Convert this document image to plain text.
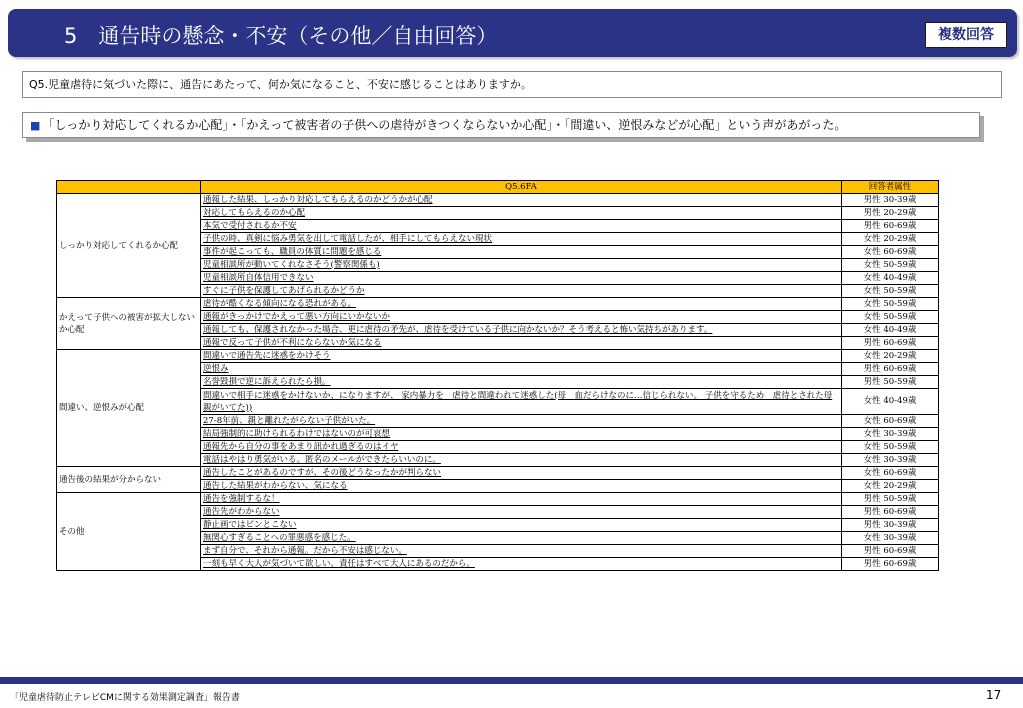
5　通告時の懸念・不安（その他／自由回答）	複数回答
Q5.児童虐待に気づいた際に、通告にあたって、何か気になること、不安に感じることはありますか。
■ 「しっかり対応してくれるか心配」・「かえって被害者の子供への虐待がきつくならないか心配」・「間違い、逆恨みなどが心配」という声があがった。
	Q5.6FA	回答者属性
しっかり対応してくれるか心配	通報した結果、しっかり対応してもらえるのかどうかが心配	男性 30-39歳
	対応してもらえるのか心配	男性 20-29歳
	本気で受付されるか不安	男性 60-69歳
	子供の時、真剣に悩み勇気を出して電話したが、相手にしてもらえない現状	女性 20-29歳
	事件が起こっても、職員の体質に問題を感じる	女性 60-69歳
	児童相談所が動いてくれなさそう(警察関係も)	女性 50-59歳
	児童相談所自体信用できない	女性 40-49歳
	すぐに子供を保護してあげられるかどうか	女性 50-59歳
かえって子供への被害が拡大しないか心配	虐待が酷くなる傾向になる恐れがある。	女性 50-59歳
	通報がきっかけでかえって悪い方向にいかないか	女性 50-59歳
	通報しても、保護されなかった場合、更に虐待の矛先が、虐待を受けている子供に向かないか？そう考えると怖い気持ちがあります。	女性 40-49歳
	通報で反って子供が不利にならないか気になる	男性 60-69歳
間違い、逆恨みが心配	間違いで通告先に迷惑をかけそう	女性 20-29歳
	逆恨み	男性 60-69歳
	名誉毀損で逆に訴えられたら損。	男性 50-59歳
	間違いで相手に迷惑をかけないか、になりますが、 家内暴力を　虐待と間違われて迷惑した(母　血だらけなのに…信じられない。 子供を守るため　虐待とされた母親がいてた))	女性 40-49歳
	27-8年前、親と離れたがらない子供がいた。	女性 60-69歳
	結局強制的に助けられるわけではないのが可哀想	女性 30-39歳
	通報先から自分の事をあまり訊かれ過ぎるのはイヤ	女性 50-59歳
	電話はやはり勇気がいる。匿名のメールができたらいいのに。	女性 30-39歳
通告後の結果が分からない	通告したことがあるのですが、その後どうなったかが判らない	女性 60-69歳
	通告した結果がわからない、気になる	女性 20-29歳
その他	通告を強制するな！	男性 50-59歳
	通告先がわからない	男性 60-69歳
	静止画ではピンとこない	男性 30-39歳
	無関心すぎることへの罪悪感を感じた。	女性 30-39歳
	まず自分で、それから通報。だから不安は感じない。	男性 60-69歳
	一刻も早く大人が気づいて欲しい。責任はすべて大人にあるのだから。	男性 60-69歳
「児童虐待防止テレビCMに関する効果測定調査」報告書	17
